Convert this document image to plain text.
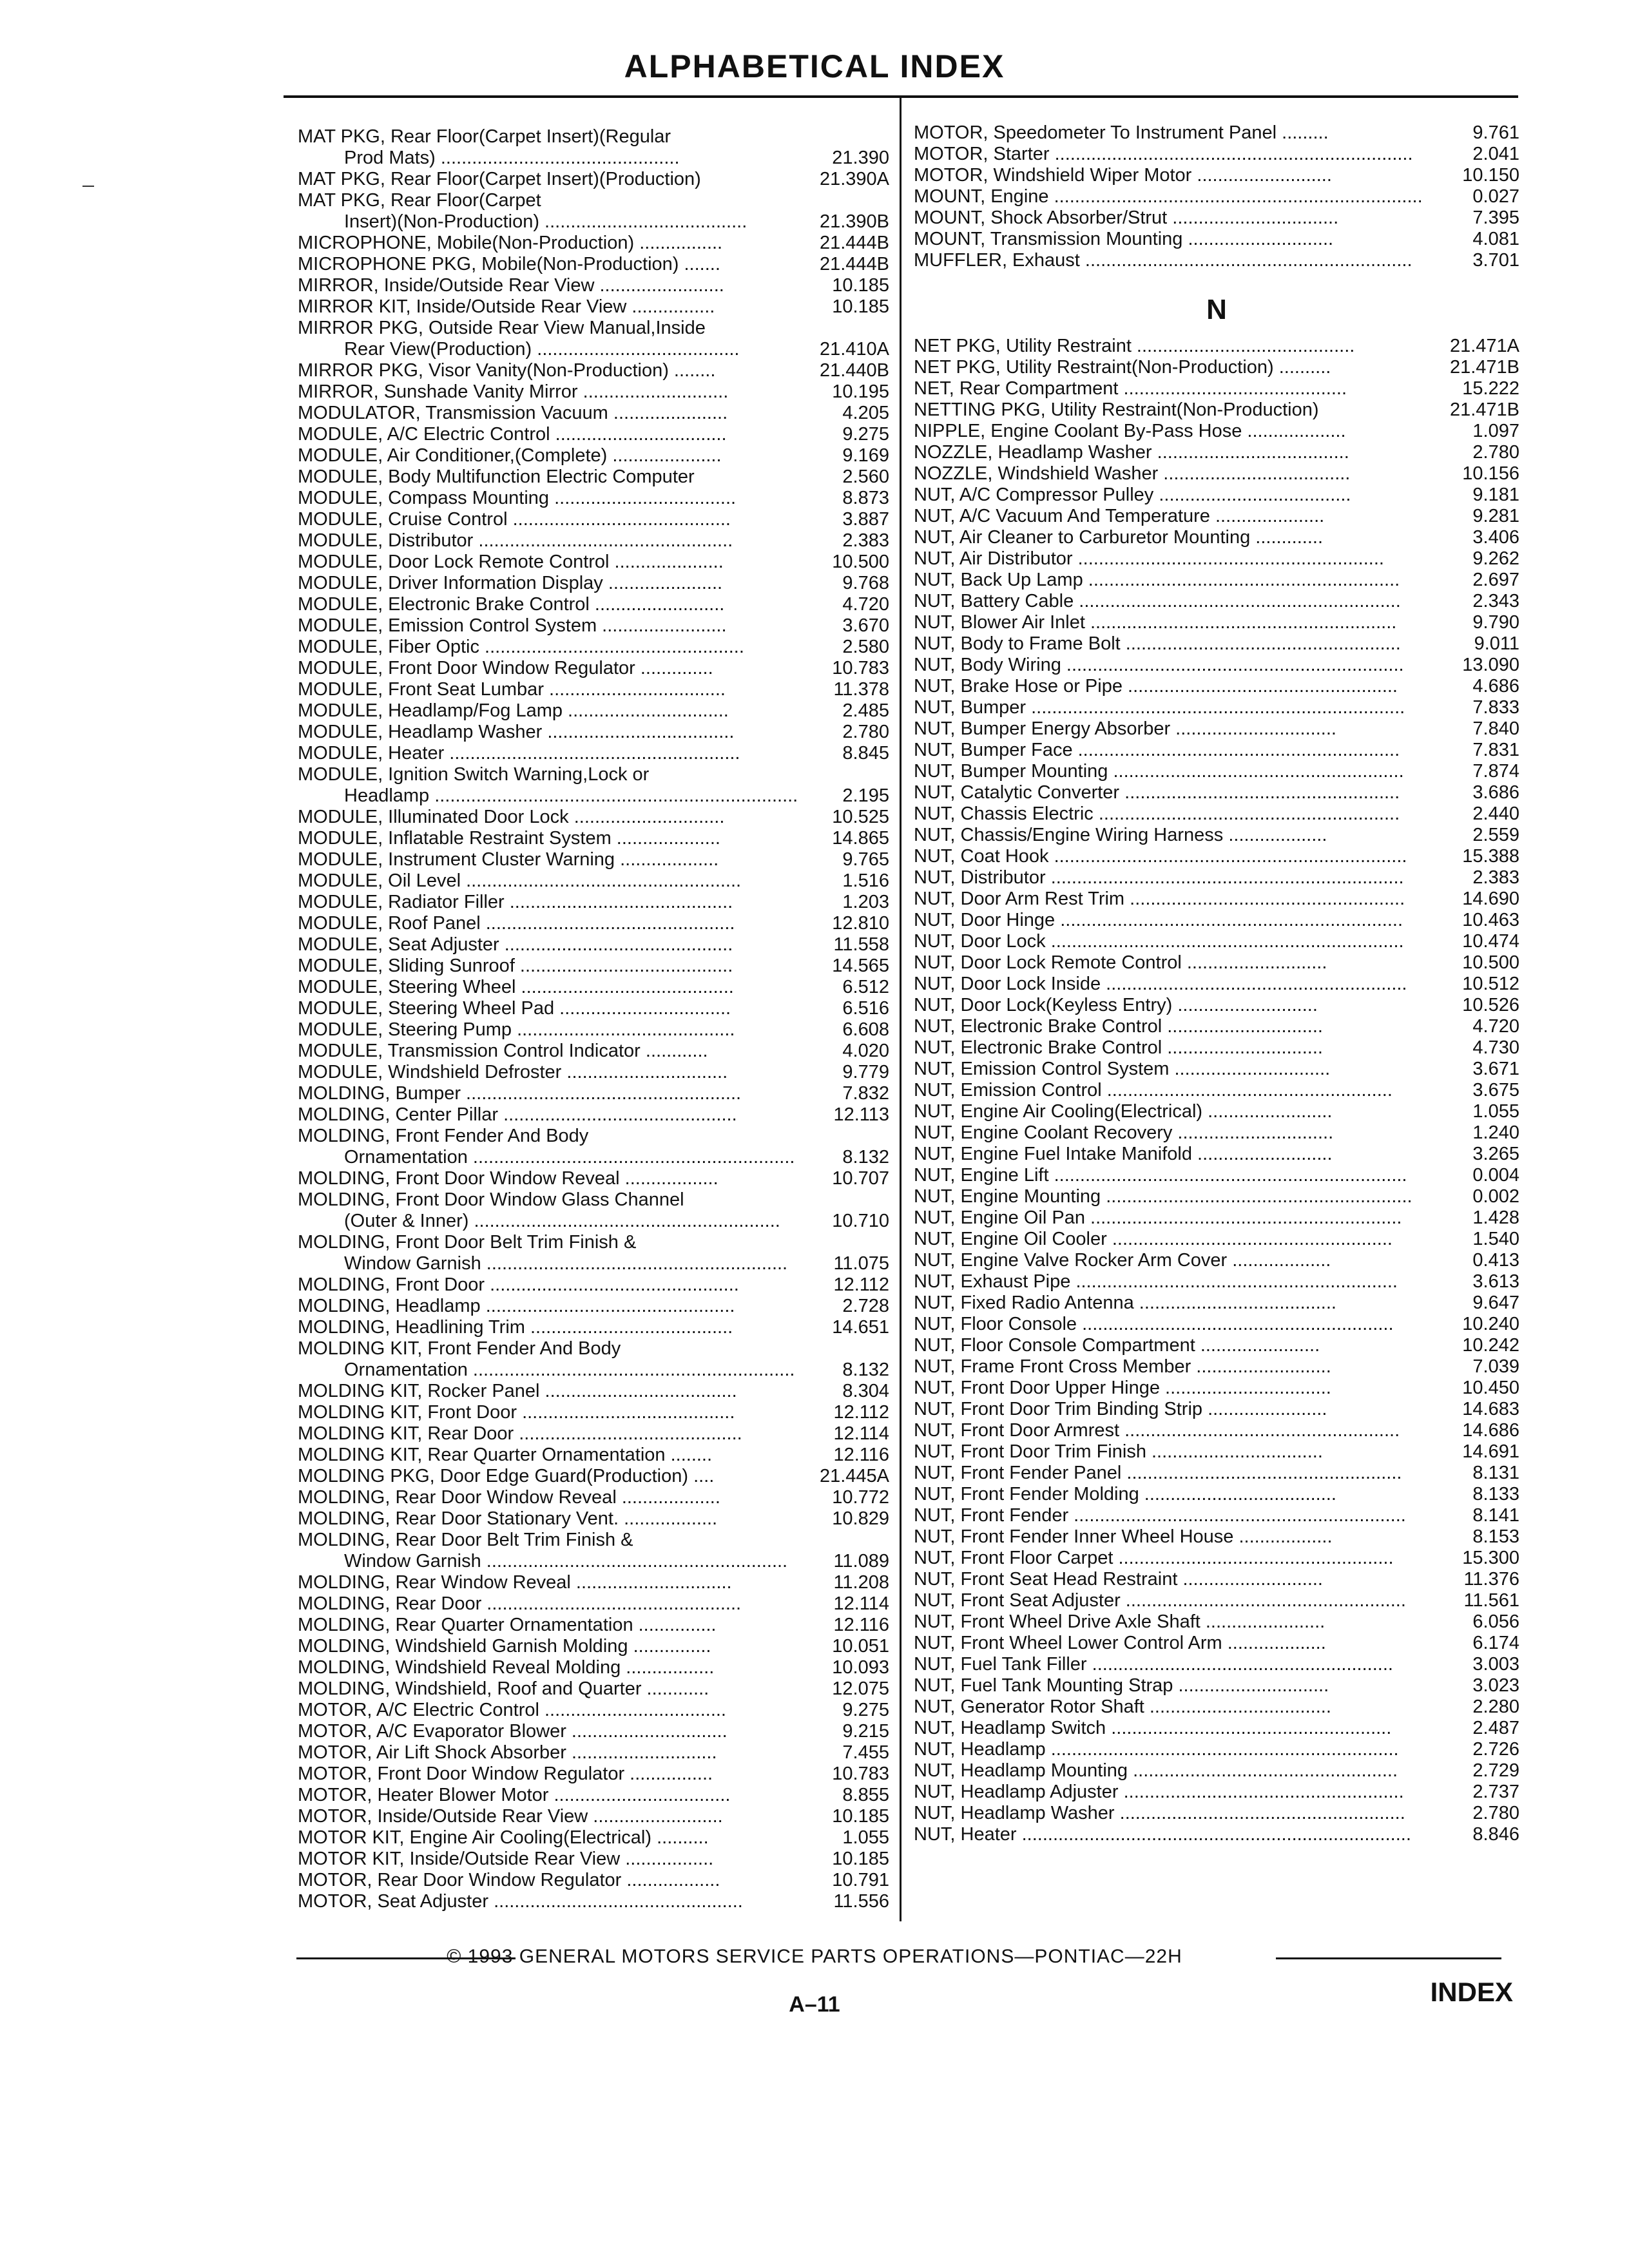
ALPHABETICAL INDEX
MAT PKG, Rear Floor(Carpet Insert)(Regular
Prod Mats) ..............................................	21.390
MAT PKG, Rear Floor(Carpet Insert)(Production)	21.390A
MAT PKG, Rear Floor(Carpet
Insert)(Non-Production) .......................................	21.390B
MICROPHONE, Mobile(Non-Production) ................	21.444B
MICROPHONE PKG, Mobile(Non-Production) .......	21.444B
MIRROR, Inside/Outside Rear View ........................	10.185
MIRROR KIT, Inside/Outside Rear View ................	10.185
MIRROR PKG, Outside Rear View Manual,Inside
Rear View(Production) .......................................	21.410A
MIRROR PKG, Visor Vanity(Non-Production) ........	21.440B
MIRROR, Sunshade Vanity Mirror ............................	10.195
MODULATOR, Transmission Vacuum ......................	4.205
MODULE, A/C Electric Control .................................	9.275
MODULE, Air Conditioner,(Complete) .....................	9.169
MODULE, Body Multifunction Electric Computer	2.560
MODULE, Compass Mounting ...................................	8.873
MODULE, Cruise Control ..........................................	3.887
MODULE, Distributor .................................................	2.383
MODULE, Door Lock Remote Control .....................	10.500
MODULE, Driver Information Display ......................	9.768
MODULE, Electronic Brake Control .........................	4.720
MODULE, Emission Control System ........................	3.670
MODULE, Fiber Optic ..................................................	2.580
MODULE, Front Door Window Regulator ..............	10.783
MODULE, Front Seat Lumbar ..................................	11.378
MODULE, Headlamp/Fog Lamp ...............................	2.485
MODULE, Headlamp Washer ....................................	2.780
MODULE, Heater ........................................................	8.845
MODULE, Ignition Switch Warning,Lock or
Headlamp ...................................................................... 2.195
MODULE, Illuminated Door Lock .............................	10.525
MODULE, Inflatable Restraint System ....................	14.865
MODULE, Instrument Cluster Warning ...................	9.765
MODULE, Oil Level .....................................................	1.516
MODULE, Radiator Filler ...........................................	1.203
MODULE, Roof Panel ................................................	12.810
MODULE, Seat Adjuster ............................................	11.558
MODULE, Sliding Sunroof .........................................	14.565
MODULE, Steering Wheel .........................................	6.512
MODULE, Steering Wheel Pad .................................	6.516
MODULE, Steering Pump ..........................................	6.608
MODULE, Transmission Control Indicator ............	4.020
MODULE, Windshield Defroster ...............................	9.779
MOLDING, Bumper .....................................................	7.832
MOLDING, Center Pillar .............................................	12.113
MOLDING, Front Fender And Body
Ornamentation ..............................................................	8.132
MOLDING, Front Door Window Reveal ..................	10.707
MOLDING, Front Door Window Glass Channel
(Outer & Inner) ...........................................................	10.710
MOLDING, Front Door Belt Trim Finish &
Window Garnish .......................................................... 11.075
MOLDING, Front Door ................................................	12.112
MOLDING, Headlamp ................................................	2.728
MOLDING, Headlining Trim .......................................	14.651
MOLDING KIT, Front Fender And Body
Ornamentation ..............................................................	8.132
MOLDING KIT, Rocker Panel .....................................	8.304
MOLDING KIT, Front Door .........................................	12.112
MOLDING KIT, Rear Door ...........................................	12.114
MOLDING KIT, Rear Quarter Ornamentation ........	12.116
MOLDING PKG, Door Edge Guard(Production) ....	21.445A
MOLDING, Rear Door Window Reveal ...................	10.772
MOLDING, Rear Door Stationary Vent. ..................	10.829
MOLDING, Rear Door Belt Trim Finish &
Window Garnish .......................................................... 11.089
MOLDING, Rear Window Reveal ..............................	11.208
MOLDING, Rear Door .................................................	12.114
MOLDING, Rear Quarter Ornamentation ...............	12.116
MOLDING, Windshield Garnish Molding ...............	10.051
MOLDING, Windshield Reveal Molding .................	10.093
MOLDING, Windshield, Roof and Quarter ............	12.075
MOTOR, A/C Electric Control ...................................	9.275
MOTOR, A/C Evaporator Blower ..............................	9.215
MOTOR, Air Lift Shock Absorber ............................	7.455
MOTOR, Front Door Window Regulator ................	10.783
MOTOR, Heater Blower Motor ..................................	8.855
MOTOR, Inside/Outside Rear View .........................	10.185
MOTOR KIT, Engine Air Cooling(Electrical) ..........	1.055
MOTOR KIT, Inside/Outside Rear View .................	10.185
MOTOR, Rear Door Window Regulator ..................	10.791
MOTOR, Seat Adjuster ................................................	11.556
MOTOR, Speedometer To Instrument Panel .........	9.761
MOTOR, Starter .....................................................................	2.041
MOTOR, Windshield Wiper Motor ..........................	10.150
MOUNT, Engine .......................................................................	0.027
MOUNT, Shock Absorber/Strut ................................	7.395
MOUNT, Transmission Mounting ............................	4.081
MUFFLER, Exhaust ...............................................................	3.701
N
NET PKG, Utility Restraint ..........................................	21.471A
NET PKG, Utility Restraint(Non-Production) ..........	21.471B
NET, Rear Compartment ...........................................	15.222
NETTING PKG, Utility Restraint(Non-Production)	21.471B
NIPPLE, Engine Coolant By-Pass Hose ...................	1.097
NOZZLE, Headlamp Washer .....................................	2.780
NOZZLE, Windshield Washer ....................................	10.156
NUT, A/C Compressor Pulley .....................................	9.181
NUT, A/C Vacuum And Temperature .....................	9.281
NUT, Air Cleaner to Carburetor Mounting .............	3.406
NUT, Air Distributor ...........................................................	9.262
NUT, Back Up Lamp ............................................................	2.697
NUT, Battery Cable ..............................................................	2.343
NUT, Blower Air Inlet ...........................................................	9.790
NUT, Body to Frame Bolt .....................................................	9.011
NUT, Body Wiring .................................................................	13.090
NUT, Brake Hose or Pipe ....................................................	4.686
NUT, Bumper ........................................................................	7.833
NUT, Bumper Energy Absorber ...............................	7.840
NUT, Bumper Face ..............................................................	7.831
NUT, Bumper Mounting ........................................................	7.874
NUT, Catalytic Converter .....................................................	3.686
NUT, Chassis Electric ..........................................................	2.440
NUT, Chassis/Engine Wiring Harness ...................	2.559
NUT, Coat Hook ....................................................................	15.388
NUT, Distributor ....................................................................	2.383
NUT, Door Arm Rest Trim .....................................................	14.690
NUT, Door Hinge ..................................................................	10.463
NUT, Door Lock ....................................................................	10.474
NUT, Door Lock Remote Control ...........................	10.500
NUT, Door Lock Inside ..........................................................	10.512
NUT, Door Lock(Keyless Entry) ...........................	10.526
NUT, Electronic Brake Control ..............................	4.720
NUT, Electronic Brake Control ..............................	4.730
NUT, Emission Control System ..............................	3.671
NUT, Emission Control .......................................................	3.675
NUT, Engine Air Cooling(Electrical) ........................	1.055
NUT, Engine Coolant Recovery ..............................	1.240
NUT, Engine Fuel Intake Manifold ..........................	3.265
NUT, Engine Lift ....................................................................	0.004
NUT, Engine Mounting ...........................................................	0.002
NUT, Engine Oil Pan ............................................................	1.428
NUT, Engine Oil Cooler ......................................................	1.540
NUT, Engine Valve Rocker Arm Cover ...................	0.413
NUT, Exhaust Pipe ..............................................................	3.613
NUT, Fixed Radio Antenna ......................................	9.647
NUT, Floor Console ............................................................	10.240
NUT, Floor Console Compartment .......................	10.242
NUT, Frame Front Cross Member ..........................	7.039
NUT, Front Door Upper Hinge ................................	10.450
NUT, Front Door Trim Binding Strip .......................	14.683
NUT, Front Door Armrest .....................................................	14.686
NUT, Front Door Trim Finish .................................	14.691
NUT, Front Fender Panel .....................................................	8.131
NUT, Front Fender Molding .....................................	8.133
NUT, Front Fender ................................................................	8.141
NUT, Front Fender Inner Wheel House ..................	8.153
NUT, Front Floor Carpet .....................................................	15.300
NUT, Front Seat Head Restraint ...........................	11.376
NUT, Front Seat Adjuster ......................................................	11.561
NUT, Front Wheel Drive Axle Shaft .......................	6.056
NUT, Front Wheel Lower Control Arm ...................	6.174
NUT, Fuel Tank Filler ..........................................................	3.003
NUT, Fuel Tank Mounting Strap .............................	3.023
NUT, Generator Rotor Shaft ...................................	2.280
NUT, Headlamp Switch ......................................................	2.487
NUT, Headlamp ...................................................................	2.726
NUT, Headlamp Mounting ...................................................	2.729
NUT, Headlamp Adjuster ......................................................	2.737
NUT, Headlamp Washer .......................................................	2.780
NUT, Heater ...........................................................................	8.846
© 1993 GENERAL MOTORS SERVICE PARTS OPERATIONS—PONTIAC—22H
A–11	INDEX
